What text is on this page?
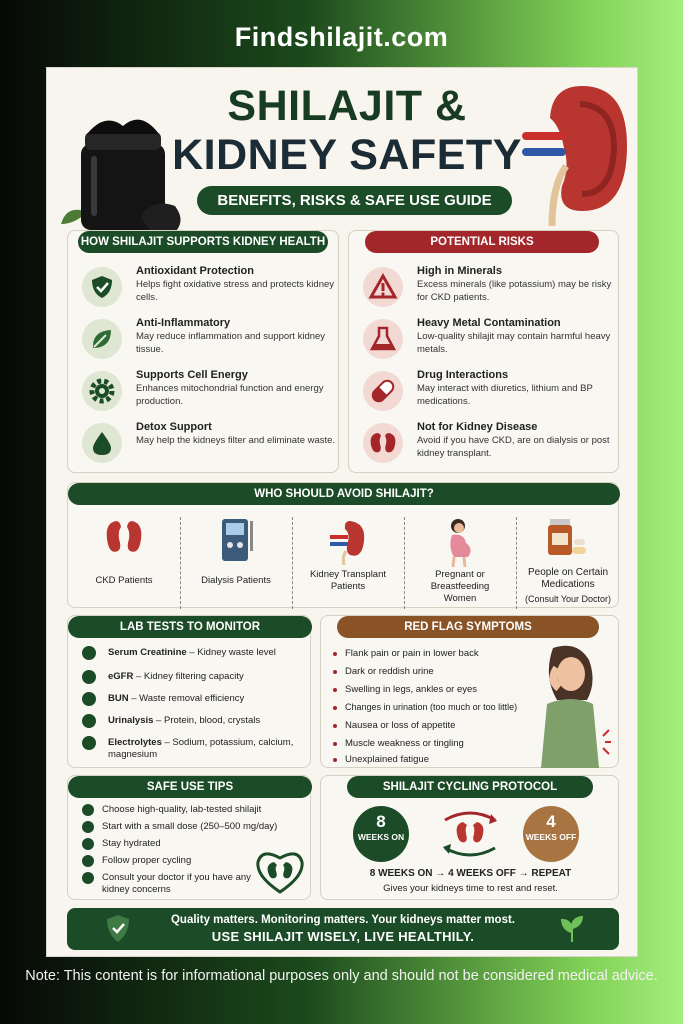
Findshilajit.com
SHILAJIT &
KIDNEY SAFETY
BENEFITS, RISKS & SAFE USE GUIDE
HOW SHILAJIT SUPPORTS KIDNEY HEALTH
Antioxidant Protection
Helps fight oxidative stress and protects kidney cells.
Anti-Inflammatory
May reduce inflammation and support kidney tissue.
Supports Cell Energy
Enhances mitochondrial function and energy production.
Detox Support
May help the kidneys filter and eliminate waste.
POTENTIAL RISKS
High in Minerals
Excess minerals (like potassium) may be risky for CKD patients.
Heavy Metal Contamination
Low-quality shilajit may contain harmful heavy metals.
Drug Interactions
May interact with diuretics, lithium and BP medications.
Not for Kidney Disease
Avoid if you have CKD, are on dialysis or post kidney transplant.
WHO SHOULD AVOID SHILAJIT?
CKD Patients	Dialysis Patients
Kidney Transplant Patients
Pregnant or Breastfeeding Women
People on Certain Medications
(Consult Your Doctor)
LAB TESTS TO MONITOR
Serum Creatinine – Kidney waste level
eGFR – Kidney filtering capacity
BUN – Waste removal efficiency
Urinalysis – Protein, blood, crystals
Electrolytes – Sodium, potassium, calcium, magnesium
RED FLAG SYMPTOMS
Flank pain or pain in lower back
Dark or reddish urine
Swelling in legs, ankles or eyes
Changes in urination (too much or too little)
Nausea or loss of appetite
Muscle weakness or tingling
Unexplained fatigue
SAFE USE TIPS
Choose high-quality, lab-tested shilajit
Start with a small dose (250–500 mg/day)
Stay hydrated
Follow proper cycling
Consult your doctor if you have any kidney concerns
SHILAJIT CYCLING PROTOCOL
8
WEEKS ON
4
WEEKS OFF
8 WEEKS ON → 4 WEEKS OFF → REPEAT
Gives your kidneys time to rest and reset.
Quality matters. Monitoring matters. Your kidneys matter most.
USE SHILAJIT WISELY, LIVE HEALTHILY.
Note: This content is for informational purposes only and should not be considered medical advice.
